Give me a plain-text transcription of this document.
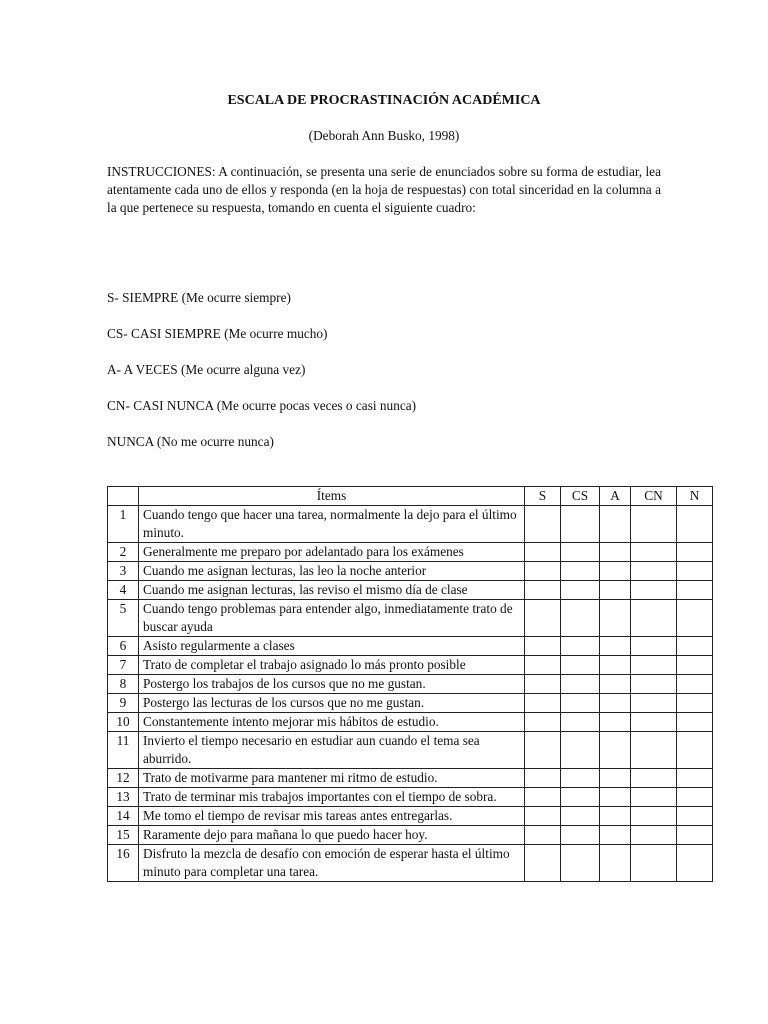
ESCALA DE PROCRASTINACIÓN ACADÉMICA
(Deborah Ann Busko, 1998)
INSTRUCCIONES: A continuación, se presenta una serie de enunciados sobre su forma de estudiar, lea atentamente cada uno de ellos y responda (en la hoja de respuestas) con total sinceridad en la columna a la que pertenece su respuesta, tomando en cuenta el siguiente cuadro:
S- SIEMPRE (Me ocurre siempre)
CS- CASI SIEMPRE (Me ocurre mucho)
A- A VECES (Me ocurre alguna vez)
CN- CASI NUNCA (Me ocurre pocas veces o casi nunca)
NUNCA (No me ocurre nunca)
	Ítems	S	CS	A	CN	N
1	Cuando tengo que hacer una tarea, normalmente la dejo para el último minuto.					
2	Generalmente me preparo por adelantado para los exámenes					
3	Cuando me asignan lecturas, las leo la noche anterior					
4	Cuando me asignan lecturas, las reviso el mismo día de clase					
5	Cuando tengo problemas para entender algo, inmediatamente trato de buscar ayuda					
6	Asisto regularmente a clases					
7	Trato de completar el trabajo asignado lo más pronto posible					
8	Postergo los trabajos de los cursos que no me gustan.					
9	Postergo las lecturas de los cursos que no me gustan.					
10	Constantemente intento mejorar mis hábitos de estudio.					
11	Invierto el tiempo necesario en estudiar aun cuando el tema sea aburrido.					
12	Trato de motivarme para mantener mi ritmo de estudio.					
13	Trato de terminar mis trabajos importantes con el tiempo de sobra.					
14	Me tomo el tiempo de revisar mis tareas antes entregarlas.					
15	Raramente dejo para mañana lo que puedo hacer hoy.					
16	Disfruto la mezcla de desafío con emoción de esperar hasta el último minuto para completar una tarea.					
